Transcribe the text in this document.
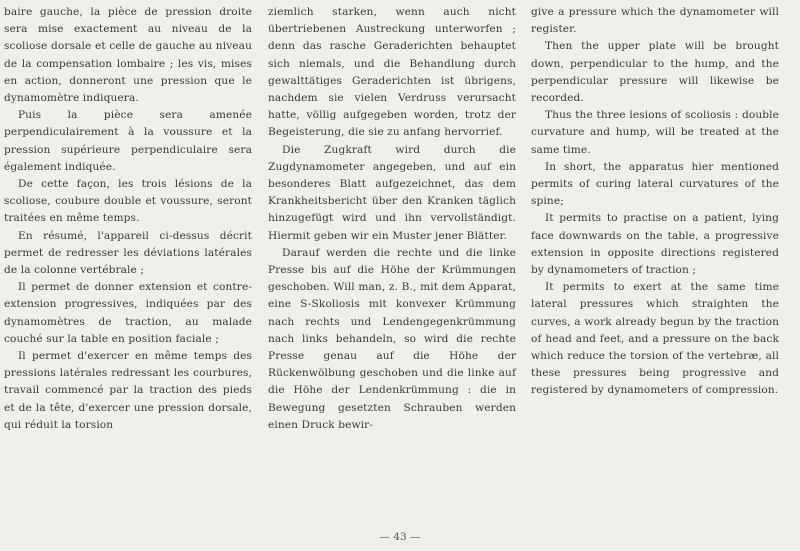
baire gauche, la pièce de pression droite sera mise exactement au niveau de la scoliose dorsale et celle de gauche au niveau de la compensation lombaire ; les vis, mises en action, donneront une pression que le dynamomètre indiquera.

Puis la pièce sera amenée perpendiculairement à la voussure et la pression supérieure perpendiculaire sera également indiquée.

De cette façon, les trois lésions de la scoliose, coubure double et voussure, seront traitées en même temps.

En résumé, l'appareil ci-dessus décrit permet de redresser les déviations latérales de la colonne vertébrale ;

Il permet de donner extension et contre-extension progressives, indiquées par des dynamomètres de traction, au malade couché sur la table en position faciale ;

Il permet d'exercer en même temps des pressions latérales redressant les courbures, travail commencé par la traction des pieds et de la tête, d'exercer une pression dorsale, qui réduit la torsion

ziemlich starken, wenn auch nicht übertriebenen Austreckung unterworfen ; denn das rasche Geraderichten behauptet sich niemals, und die Behandlung durch gewalttätiges Geraderichten ist übrigens, nachdem sie vielen Verdruss verursacht hatte, völlig aufgegeben worden, trotz der Begeisterung, die sie zu anfang hervorrief.

Die Zugkraft wird durch die Zugdynamometer angegeben, und auf ein besonderes Blatt aufgezeichnet, das dem Krankheitsbericht über den Kranken täglich hinzugefügt wird und ihn vervollständigt. Hiermit geben wir ein Muster jener Blätter.

Darauf werden die rechte und die linke Presse bis auf die Höhe der Krümmungen geschoben. Will man, z. B., mit dem Apparat, eine S-Skoliosis mit konvexer Krümmung nach rechts und Lendengegenkrümmung nach links behandeln, so wird die rechte Presse genau auf die Höhe der Rückenwölbung geschoben und die linke auf die Höhe der Lendenkrümmung : die in Bewegung gesetzten Schrauben werden einen Druck bewir-

give a pressure which the dynamometer will register.

Then the upper plate will be brought down, perpendicular to the hump, and the perpendicular pressure will likewise be recorded.

Thus the three lesions of scoliosis : double curvature and hump, will be treated at the same time.

In short, the apparatus hier mentioned permits of curing lateral curvatures of the spine;

It permits to practise on a patient, lying face downwards on the table, a progressive extension in opposite directions registered by dynamometers of traction ;

It permits to exert at the same time lateral pressures which straighten the curves, a work already begun by the traction of head and feet, and a pressure on the back which reduce the torsion of the vertebræ, all these pressures being progressive and registered by dynamometers of compression.

— 43 —
